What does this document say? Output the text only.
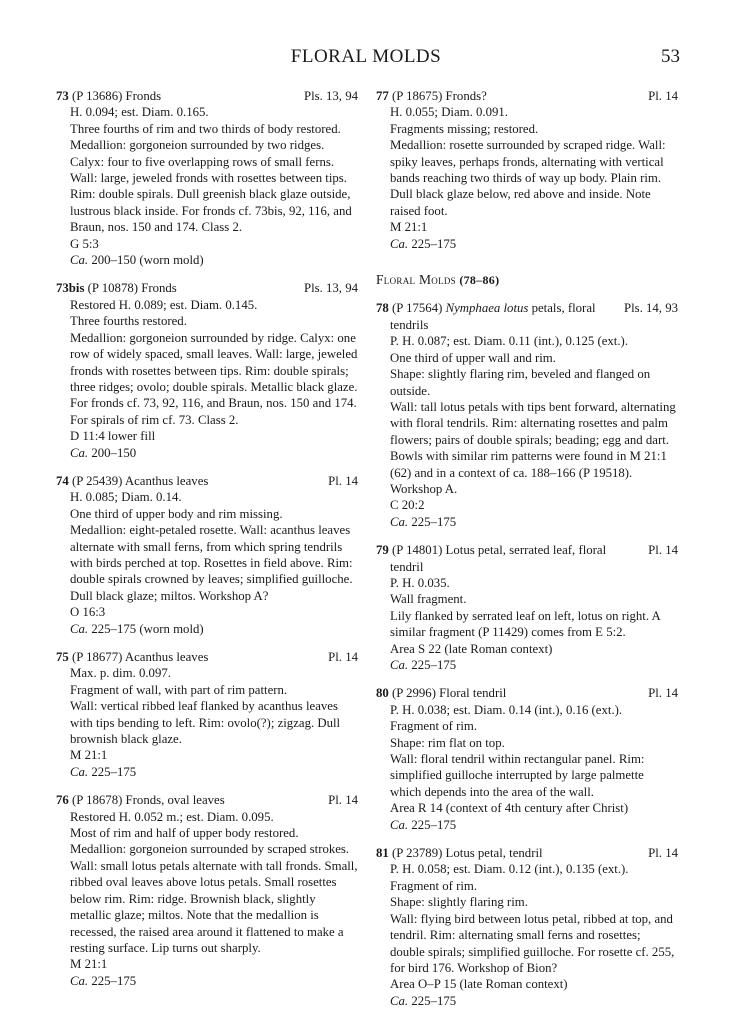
FLORAL MOLDS	53
73 (P 13686) Fronds	Pls. 13, 94
H. 0.094; est. Diam. 0.165.
Three fourths of rim and two thirds of body restored.
Medallion: gorgoneion surrounded by two ridges. Calyx: four to five overlapping rows of small ferns. Wall: large, jeweled fronds with rosettes between tips. Rim: double spirals. Dull greenish black glaze outside, lustrous black inside. For fronds cf. 73bis, 92, 116, and Braun, nos. 150 and 174. Class 2.
G 5:3
Ca. 200–150 (worn mold)
73bis (P 10878) Fronds	Pls. 13, 94
Restored H. 0.089; est. Diam. 0.145.
Three fourths restored.
Medallion: gorgoneion surrounded by ridge. Calyx: one row of widely spaced, small leaves. Wall: large, jeweled fronds with rosettes between tips. Rim: double spirals; three ridges; ovolo; double spirals. Metallic black glaze. For fronds cf. 73, 92, 116, and Braun, nos. 150 and 174. For spirals of rim cf. 73. Class 2.
D 11:4 lower fill
Ca. 200–150
74 (P 25439) Acanthus leaves	Pl. 14
H. 0.085; Diam. 0.14.
One third of upper body and rim missing.
Medallion: eight-petaled rosette. Wall: acanthus leaves alternate with small ferns, from which spring tendrils with birds perched at top. Rosettes in field above. Rim: double spirals crowned by leaves; simplified guilloche. Dull black glaze; miltos. Workshop A?
O 16:3
Ca. 225–175 (worn mold)
75 (P 18677) Acanthus leaves	Pl. 14
Max. p. dim. 0.097.
Fragment of wall, with part of rim pattern.
Wall: vertical ribbed leaf flanked by acanthus leaves with tips bending to left. Rim: ovolo(?); zigzag. Dull brownish black glaze.
M 21:1
Ca. 225–175
76 (P 18678) Fronds, oval leaves	Pl. 14
Restored H. 0.052 m.; est. Diam. 0.095.
Most of rim and half of upper body restored.
Medallion: gorgoneion surrounded by scraped strokes. Wall: small lotus petals alternate with tall fronds. Small, ribbed oval leaves above lotus petals. Small rosettes below rim. Rim: ridge. Brownish black, slightly metallic glaze; miltos. Note that the medallion is recessed, the raised area around it flattened to make a resting surface. Lip turns out sharply.
M 21:1
Ca. 225–175
77 (P 18675) Fronds?	Pl. 14
H. 0.055; Diam. 0.091.
Fragments missing; restored.
Medallion: rosette surrounded by scraped ridge. Wall: spiky leaves, perhaps fronds, alternating with vertical bands reaching two thirds of way up body. Plain rim. Dull black glaze below, red above and inside. Note raised foot.
M 21:1
Ca. 225–175
Floral Molds (78–86)
78 (P 17564) Nymphaea lotus petals, floral Pls. 14, 93
tendrils
P. H. 0.087; est. Diam. 0.11 (int.), 0.125 (ext.).
One third of upper wall and rim.
Shape: slightly flaring rim, beveled and flanged on outside.
Wall: tall lotus petals with tips bent forward, alternating with floral tendrils. Rim: alternating rosettes and palm flowers; pairs of double spirals; beading; egg and dart. Bowls with similar rim patterns were found in M 21:1 (62) and in a context of ca. 188–166 (P 19518). Workshop A.
C 20:2
Ca. 225–175
79 (P 14801) Lotus petal, serrated leaf, floral	Pl. 14
tendril
P. H. 0.035.
Wall fragment.
Lily flanked by serrated leaf on left, lotus on right. A similar fragment (P 11429) comes from E 5:2.
Area S 22 (late Roman context)
Ca. 225–175
80 (P 2996) Floral tendril	Pl. 14
P. H. 0.038; est. Diam. 0.14 (int.), 0.16 (ext.).
Fragment of rim.
Shape: rim flat on top.
Wall: floral tendril within rectangular panel. Rim: simplified guilloche interrupted by large palmette which depends into the area of the wall.
Area R 14 (context of 4th century after Christ)
Ca. 225–175
81 (P 23789) Lotus petal, tendril	Pl. 14
P. H. 0.058; est. Diam. 0.12 (int.), 0.135 (ext.).
Fragment of rim.
Shape: slightly flaring rim.
Wall: flying bird between lotus petal, ribbed at top, and tendril. Rim: alternating small ferns and rosettes; double spirals; simplified guilloche. For rosette cf. 255, for bird 176. Workshop of Bion?
Area O–P 15 (late Roman context)
Ca. 225–175
